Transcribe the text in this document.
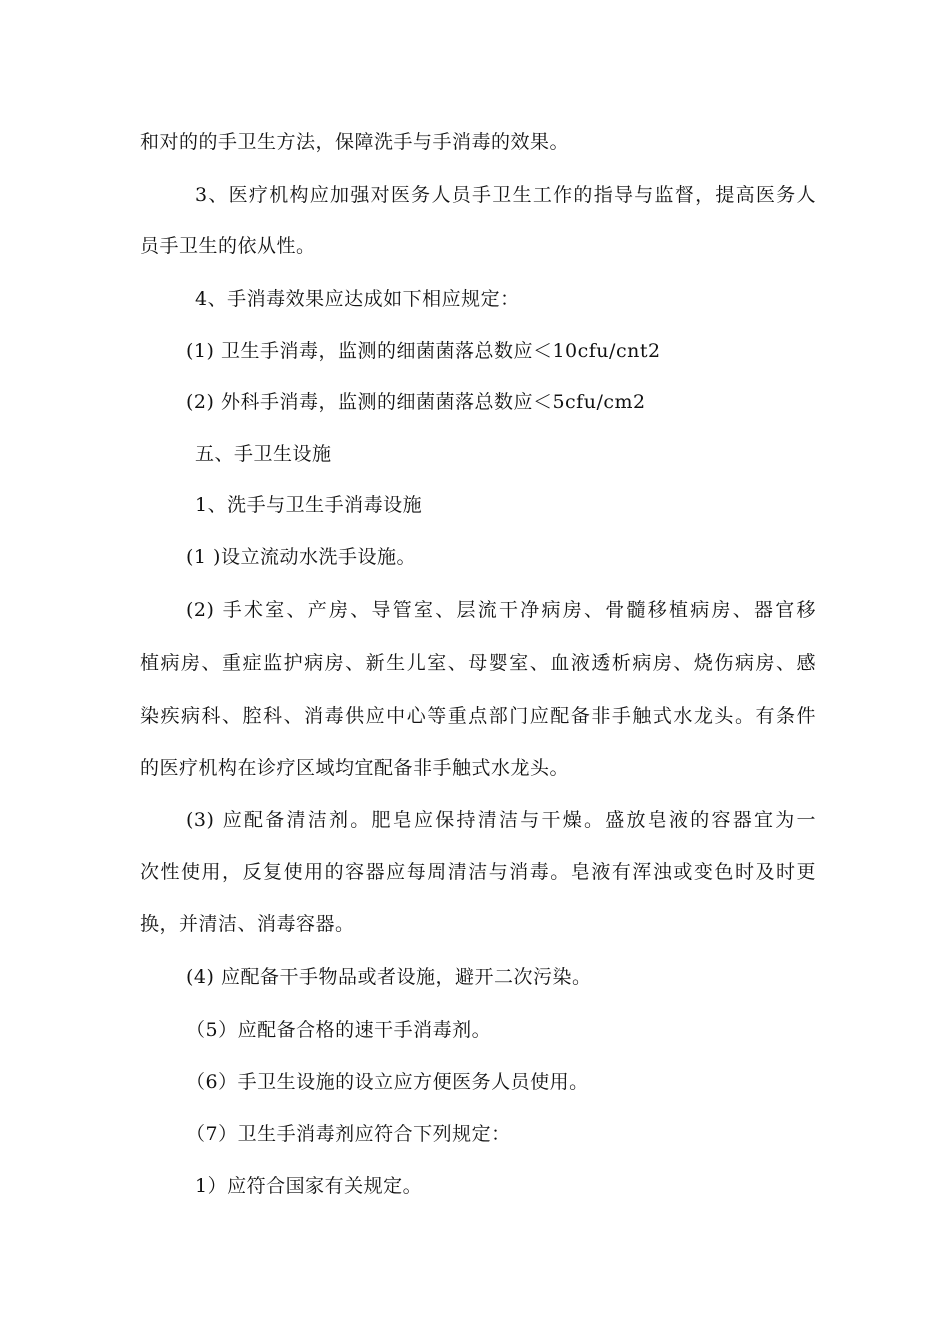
和对的的手卫生方法，保障洗手与手消毒的效果。
3、医疗机构应加强对医务人员手卫生工作的指导与监督，提高医务人
员手卫生的依从性。
4、手消毒效果应达成如下相应规定：
(1) 卫生手消毒，监测的细菌菌落总数应＜10cfu/cnt2
(2) 外科手消毒，监测的细菌菌落总数应＜5cfu/cm2
五、手卫生设施
1、洗手与卫生手消毒设施
(1 )设立流动水洗手设施。
(2) 手术室、产房、导管室、层流干净病房、骨髓移植病房、器官移
植病房、重症监护病房、新生儿室、母婴室、血液透析病房、烧伤病房、感
染疾病科、腔科、消毒供应中心等重点部门应配备非手触式水龙头。有条件
的医疗机构在诊疗区域均宜配备非手触式水龙头。
(3) 应配备清洁剂。肥皂应保持清洁与干燥。盛放皂液的容器宜为一
次性使用，反复使用的容器应每周清洁与消毒。皂液有浑浊或变色时及时更
换，并清洁、消毒容器。
(4) 应配备干手物品或者设施，避开二次污染。
（5）应配备合格的速干手消毒剂。
（6）手卫生设施的设立应方便医务人员使用。
（7）卫生手消毒剂应符合下列规定：
1）应符合国家有关规定。
